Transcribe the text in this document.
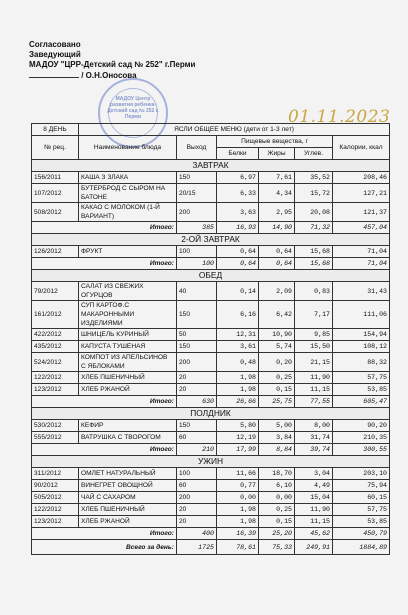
Согласовано
Заведующий
МАДОУ "ЦРР-Детский сад № 252" г.Перми
/ О.Н.Оносова
МАДОУ Центр развития ребенка-Детский сад № 252 г. Перми	01.11.2023
8 ДЕНЬ	ЯСЛИ ОБЩЕЕ МЕНЮ (дети от 1-3 лет)					
№ рец.	Наименование блюда	Выход	Пищевые вещества, г			Калории, ккал
			Белки	Жиры	Углев.	
ЗАВТРАК						
156/2011	КАША З ЗЛАКА	150	6,97	7,61	35,52	208,46
107/2012	БУТЕРБРОД С СЫРОМ НА БАТОНЕ	20/15	6,33	4,34	15,72	127,21
508/2012	КАКАО С МОЛОКОМ (1-Й ВАРИАНТ)	200	3,63	2,95	20,08	121,37
Итого:		385	16,93	14,90	71,32	457,04
2-ОЙ ЗАВТРАК						
126/2012	ФРУКТ	100	0,64	0,64	15,68	71,04
Итого:		100	0,64	0,64	15,68	71,04
ОБЕД						
79/2012	САЛАТ ИЗ СВЕЖИХ ОГУРЦОВ	40	0,14	2,09	0,83	31,43
161/2012	СУП КАРТОФ.С МАКАРОННЫМИ ИЗДЕЛИЯМИ	150	6,16	6,42	7,17	111,06
422/2012	ШНИЦЕЛЬ КУРИНЫЙ	50	12,31	10,90	9,85	154,94
435/2012	КАПУСТА ТУШЕНАЯ	150	3,61	5,74	15,50	108,12
524/2012	КОМПОТ ИЗ АПЕЛЬСИНОВ С ЯБЛОКАМИ	200	0,48	0,20	21,15	88,32
122/2012	ХЛЕБ ПШЕНИЧНЫЙ	20	1,98	0,25	11,90	57,75
123/2012	ХЛЕБ РЖАНОЙ	20	1,98	0,15	11,15	53,85
Итого:		630	26,66	25,75	77,55	605,47
ПОЛДНИК						
530/2012	КЕФИР	150	5,80	5,00	8,00	90,20
555/2012	ВАТРУШКА С ТВОРОГОМ	60	12,19	3,84	31,74	210,35
Итого:		210	17,99	8,84	39,74	300,55
УЖИН						
311/2012	ОМЛЕТ НАТУРАЛЬНЫЙ	100	11,66	18,70	3,04	203,10
90/2012	ВИНЕГРЕТ ОВОЩНОЙ	60	0,77	6,10	4,49	75,94
505/2012	ЧАЙ С САХАРОМ	200	0,00	0,00	15,04	60,15
122/2012	ХЛЕБ ПШЕНИЧНЫЙ	20	1,98	0,25	11,90	57,75
123/2012	ХЛЕБ РЖАНОЙ	20	1,98	0,15	11,15	53,85
Итого:		400	16,39	25,20	45,62	450,79
Всего за день:		1725	78,61	75,33	249,91	1884,89
